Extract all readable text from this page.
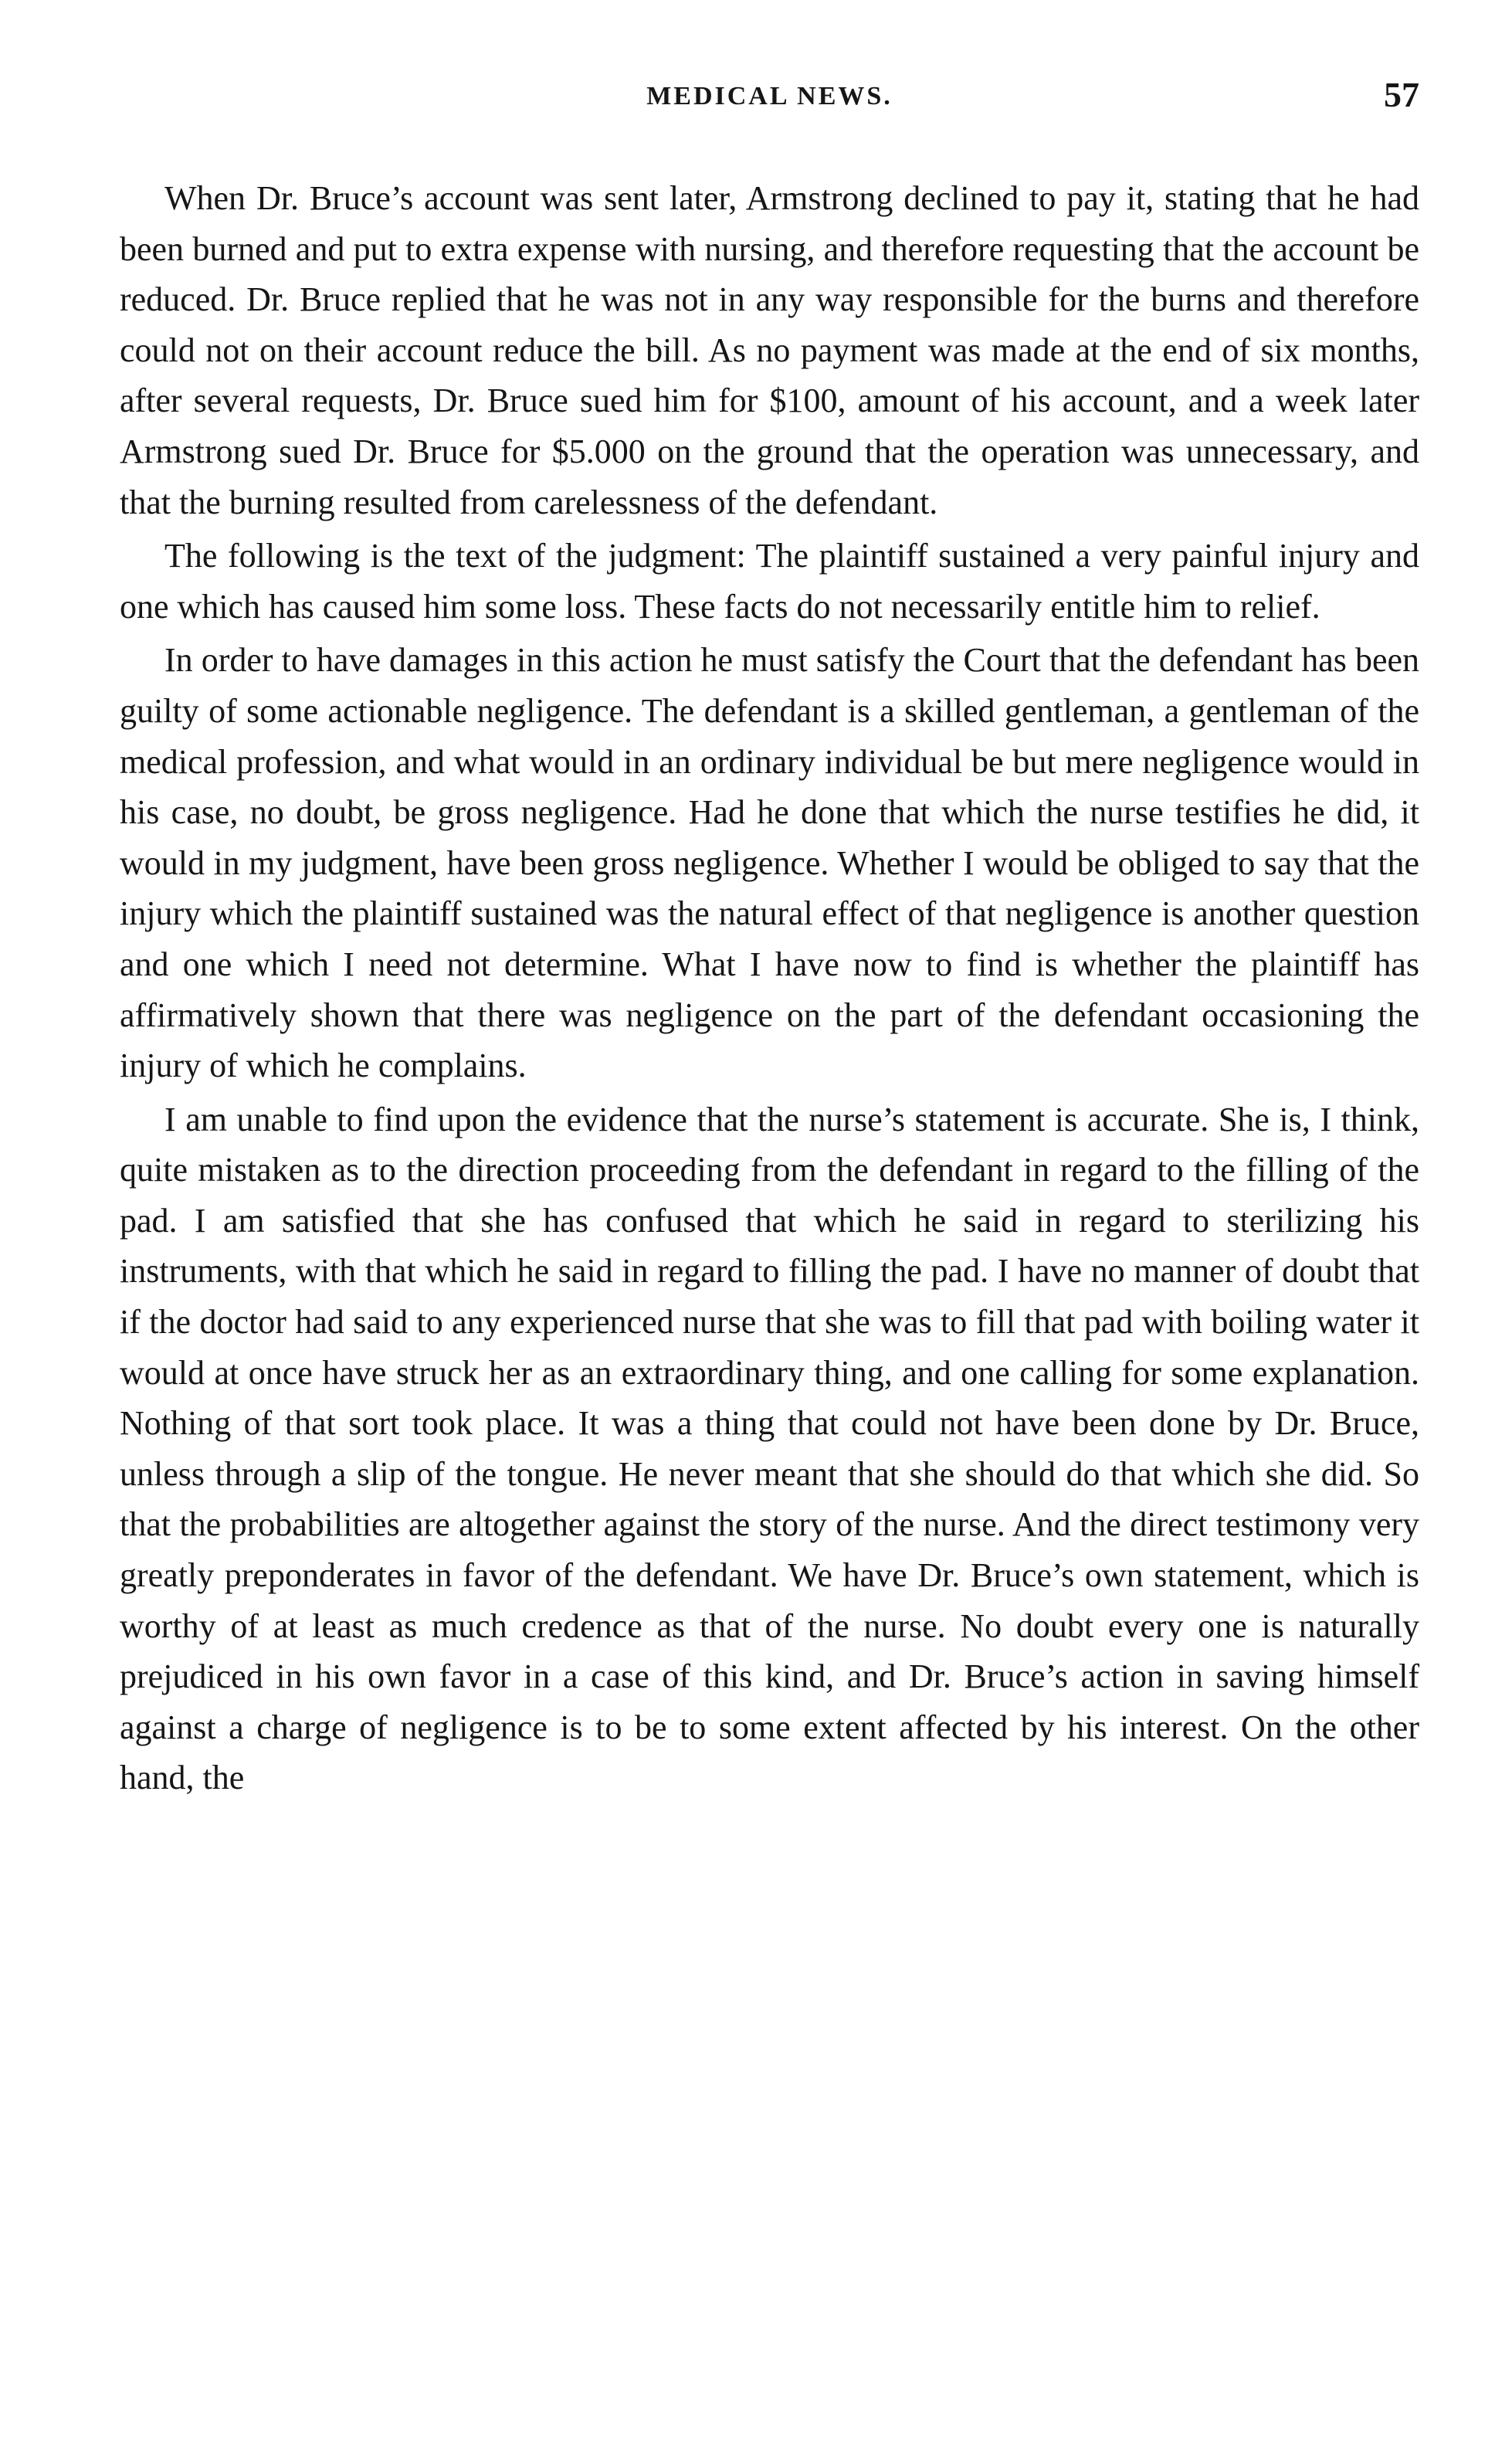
MEDICAL NEWS.	57

When Dr. Bruce’s account was sent later, Armstrong declined to pay it, stating that he had been burned and put to extra expense with nursing, and therefore requesting that the account be reduced. Dr. Bruce replied that he was not in any way responsible for the burns and therefore could not on their account reduce the bill. As no payment was made at the end of six months, after several requests, Dr. Bruce sued him for $100, amount of his account, and a week later Armstrong sued Dr. Bruce for $5.000 on the ground that the operation was unnecessary, and that the burning resulted from carelessness of the defendant.

The following is the text of the judgment: The plaintiff sustained a very painful injury and one which has caused him some loss. These facts do not necessarily entitle him to relief.

In order to have damages in this action he must satisfy the Court that the defendant has been guilty of some actionable negligence. The defendant is a skilled gentleman, a gentleman of the medical profession, and what would in an ordinary individual be but mere negligence would in his case, no doubt, be gross negligence. Had he done that which the nurse testifies he did, it would in my judgment, have been gross negligence. Whether I would be obliged to say that the injury which the plaintiff sustained was the natural effect of that negligence is another question and one which I need not determine. What I have now to find is whether the plaintiff has affirmatively shown that there was negligence on the part of the defendant occasioning the injury of which he complains.

I am unable to find upon the evidence that the nurse’s statement is accurate. She is, I think, quite mistaken as to the direction proceeding from the defendant in regard to the filling of the pad. I am satisfied that she has confused that which he said in regard to sterilizing his instruments, with that which he said in regard to filling the pad. I have no manner of doubt that if the doctor had said to any experienced nurse that she was to fill that pad with boiling water it would at once have struck her as an extraordinary thing, and one calling for some explanation. Nothing of that sort took place. It was a thing that could not have been done by Dr. Bruce, unless through a slip of the tongue. He never meant that she should do that which she did. So that the probabilities are altogether against the story of the nurse. And the direct testimony very greatly preponderates in favor of the defendant. We have Dr. Bruce’s own statement, which is worthy of at least as much credence as that of the nurse. No doubt every one is naturally prejudiced in his own favor in a case of this kind, and Dr. Bruce’s action in saving himself against a charge of negligence is to be to some extent affected by his interest. On the other hand, the
